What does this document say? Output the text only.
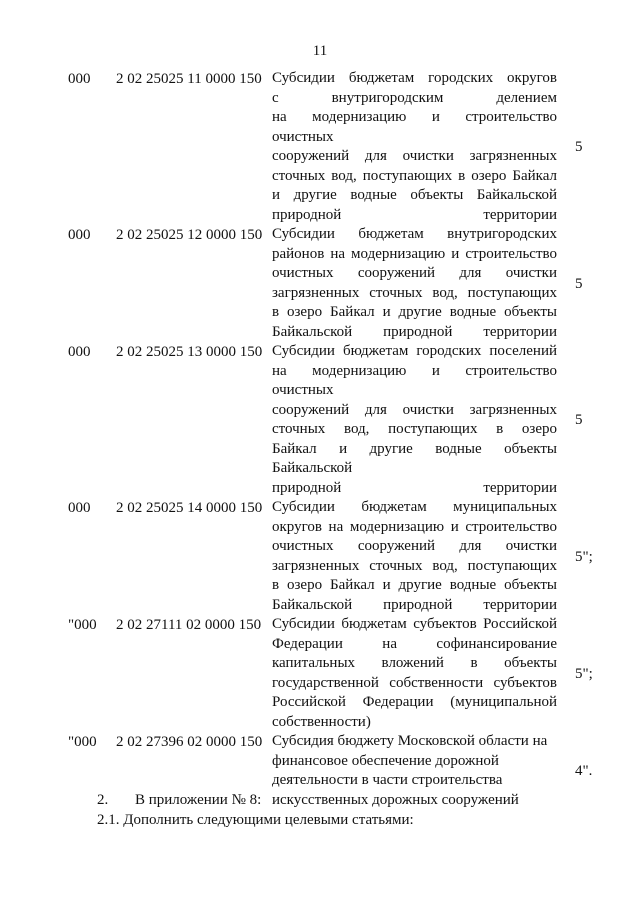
11
000 2 02 25025 11 0000 150 Субсидии бюджетам городских округов
с внутригородским делением
на модернизацию и строительство очистных
сооружений для очистки загрязненных
сточных вод, поступающих в озеро Байкал
и другие водные объекты Байкальской
природной территории
5
000 2 02 25025 12 0000 150 Субсидии бюджетам внутригородских
районов на модернизацию и строительство
очистных сооружений для очистки
загрязненных сточных вод, поступающих
в озеро Байкал и другие водные объекты
Байкальской природной территории
5
000 2 02 25025 13 0000 150 Субсидии бюджетам городских поселений
на модернизацию и строительство очистных
сооружений для очистки загрязненных
сточных вод, поступающих в озеро
Байкал и другие водные объекты Байкальской
природной территории
5
000 2 02 25025 14 0000 150 Субсидии бюджетам муниципальных
округов на модернизацию и строительство
очистных сооружений для очистки
загрязненных сточных вод, поступающих
в озеро Байкал и другие водные объекты
Байкальской природной территории
5";
"000 2 02 27111 02 0000 150 Субсидии бюджетам субъектов Российской
Федерации на софинансирование
капитальных вложений в объекты
государственной собственности субъектов
Российской Федерации (муниципальной
собственности)
5";
"000 2 02 27396 02 0000 150 Субсидия бюджету Московской области на
финансовое обеспечение дорожной
деятельности в части строительства
искусственных дорожных сооружений
4".
2. В приложении № 8:
2.1. Дополнить следующими целевыми статьями:
